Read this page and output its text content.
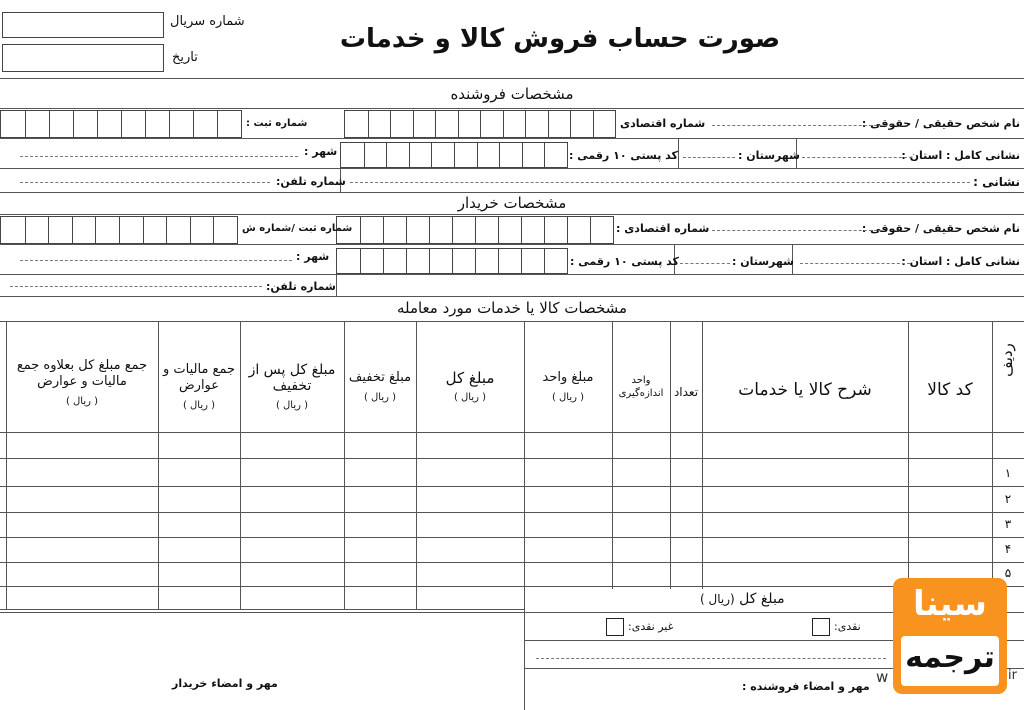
شماره سریال
تاریخ
صورت حساب فروش کالا و خدمات
مشخصات فروشنده
نام شخص حقیقی / حقوقی :
شماره اقتصادی
شماره ثبت :
نشانی کامل : استان :
شهرستان :
کد پستی ۱۰ رقمی :
شهر :
نشانی :
شماره تلفن:
مشخصات خریدار
نام شخص حقیقی / حقوقی :
شماره اقتصادی :
شماره ثبت /شماره ش
نشانی کامل : استان :
شهرستان :
کد پستی ۱۰ رقمی :
شهر :
شماره تلفن:
مشخصات کالا یا خدمات مورد معامله
ردیف
کد کالا
شرح کالا یا خدمات
تعداد
واحد اندازه‌گیری
مبلغ واحد
( ریال )
مبلغ کل
( ریال )
مبلغ تخفیف
( ریال )
مبلغ کل پس از تخفیف
( ریال )
جمع مالیات و عوارض
( ریال )
جمع مبلغ کل بعلاوه جمع مالیات و عوارض
( ریال )
۱
۲
۳
۴
۵
مبلغ کل (ریال )
نقدی:
غیر نقدی:
مهر و امضاء فروشنده :
مهر و امضاء خریدار	w	ir
سینا
ترجمه
